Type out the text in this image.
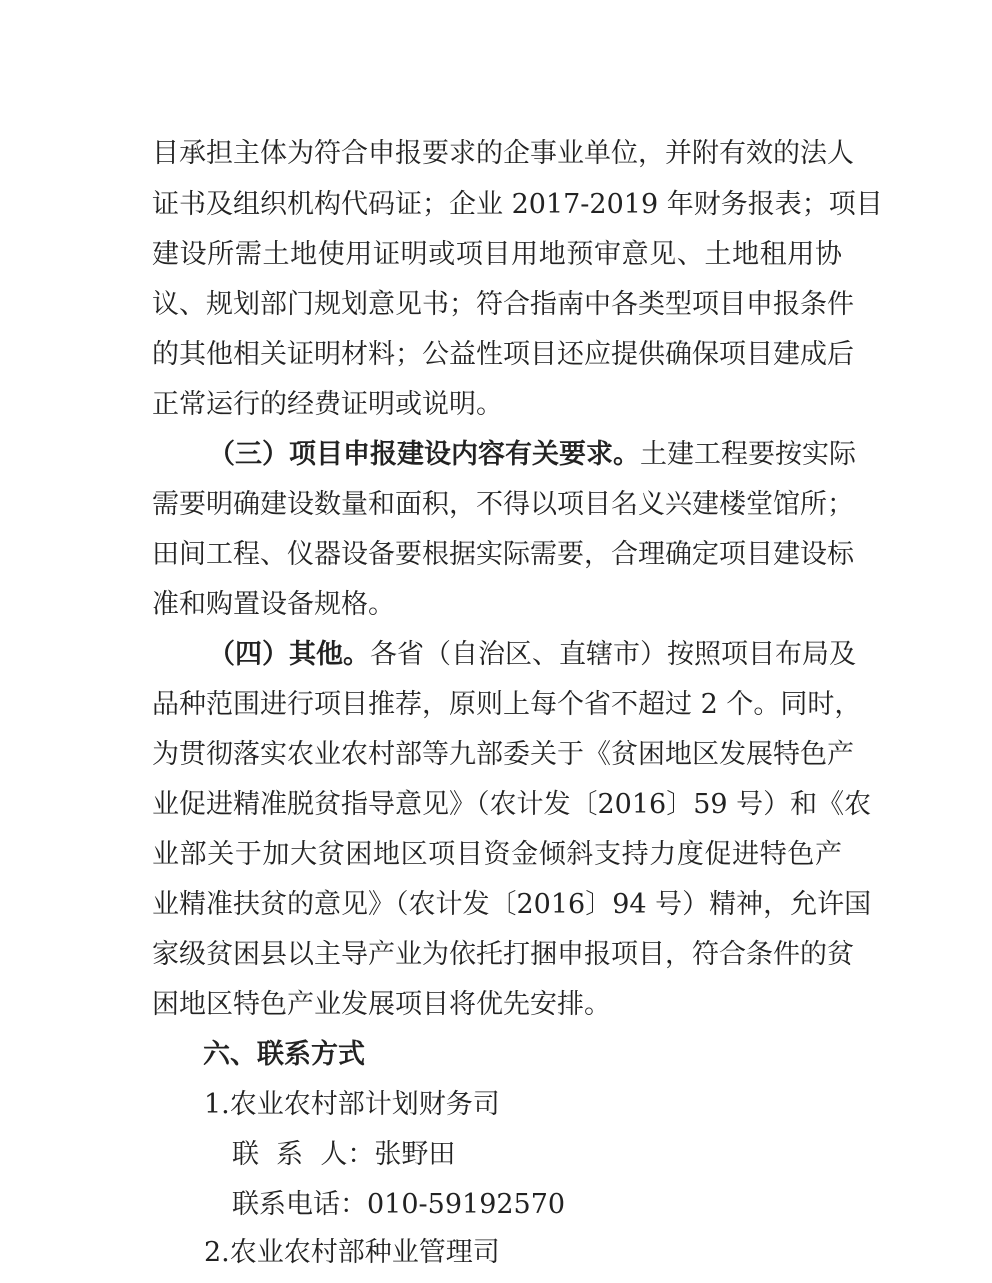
目承担主体为符合申报要求的企事业单位，并附有效的法人
证书及组织机构代码证；企业 2017-2019 年财务报表；项目
建设所需土地使用证明或项目用地预审意见、土地租用协
议、规划部门规划意见书；符合指南中各类型项目申报条件
的其他相关证明材料；公益性项目还应提供确保项目建成后
正常运行的经费证明或说明。
（三）项目申报建设内容有关要求。土建工程要按实际
需要明确建设数量和面积，不得以项目名义兴建楼堂馆所；
田间工程、仪器设备要根据实际需要，合理确定项目建设标
准和购置设备规格。
（四）其他。各省（自治区、直辖市）按照项目布局及
品种范围进行项目推荐，原则上每个省不超过 2 个。同时，
为贯彻落实农业农村部等九部委关于《贫困地区发展特色产
业促进精准脱贫指导意见》（农计发〔2016〕59 号）和《农
业部关于加大贫困地区项目资金倾斜支持力度促进特色产
业精准扶贫的意见》（农计发〔2016〕94 号）精神，允许国
家级贫困县以主导产业为依托打捆申报项目，符合条件的贫
困地区特色产业发展项目将优先安排。
六、联系方式
1.农业农村部计划财务司
联  系  人：张野田
联系电话：010-59192570
2.农业农村部种业管理司
